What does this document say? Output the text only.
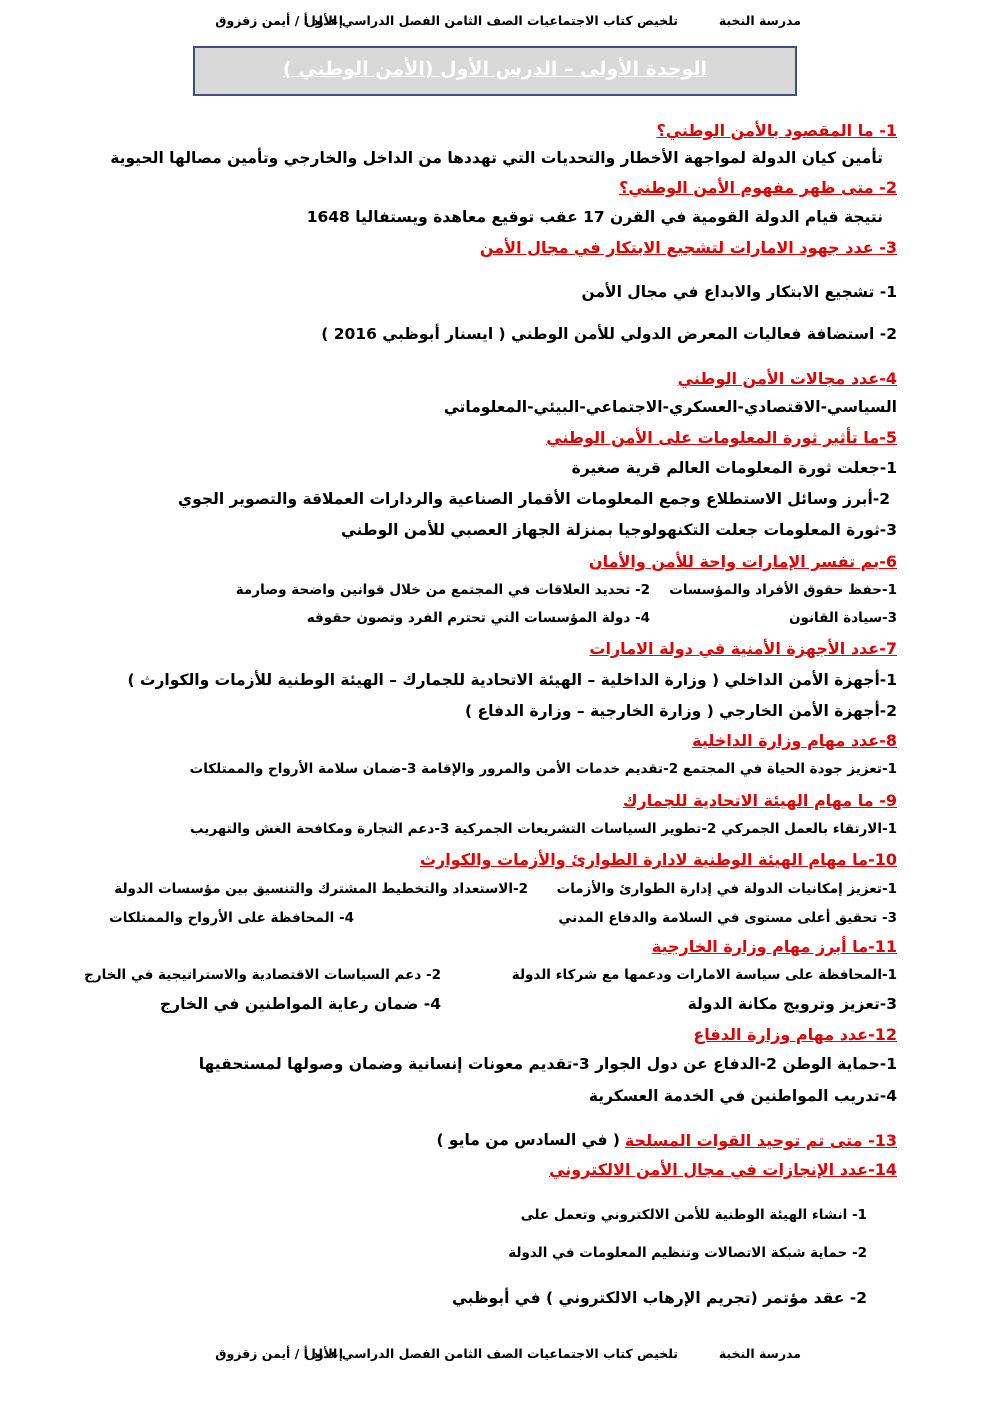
مدرسة النخبة
تلخيص كتاب الاجتماعيات الصف الثامن الفصل الدراسي الأول
إعداد أ / أيمن زقزوق
الوحدة الأولى – الدرس الأول (الأمن الوطني )
1- ما المقصود بالأمن الوطني؟
تأمين كيان الدولة لمواجهة الأخطار والتحديات التي تهددها من الداخل والخارجي وتأمين مصالها الحيوية
2- متى ظهر مفهوم الأمن الوطني؟
نتيجة قيام الدولة القومية في القرن 17 عقب توقيع معاهدة ويستفاليا 1648
3- عدد جهود الامارات لتشجيع الابتكار في مجال الأمن
1- تشجيع الابتكار والابداع في مجال الأمن
2- استضافة فعاليات المعرض الدولي للأمن الوطني ( ايسنار أبوظبي 2016 )
4-عدد مجالات الأمن الوطني
السياسي-الاقتصادي-العسكري-الاجتماعي-البيئي-المعلوماتي
5-ما تأثير ثورة المعلومات على الأمن الوطني
1-جعلت ثورة المعلومات العالم قرية صغيرة
2-أبرز وسائل الاستطلاع وجمع المعلومات الأقمار الصناعية والردارات العملاقة والتصوير الجوي
3-ثورة المعلومات جعلت التكنهولوجيا بمنزلة الجهاز العصبي للأمن الوطني
6-بم تفسر الإمارات واحة للأمن والأمان
1-حفظ حقوق الأفراد والمؤسسات
2- تحديد العلاقات في المجتمع من خلال قوانين واضحة وصارمة
3-سيادة القانون
4- دولة المؤسسات التي تحترم الفرد وتصون حقوقه
7-عدد الأجهزة الأمنية في دولة الامارات
1-أجهزة الأمن الداخلي ( وزارة الداخلية – الهيئة الاتحادية للجمارك – الهيئة الوطنية للأزمات والكوارث )
2-أجهزة الأمن الخارجي ( وزارة الخارجية – وزارة الدفاع )
8-عدد مهام وزارة الداخلية
1-تعزيز جودة الحياة في المجتمع 2-تقديم خدمات الأمن والمرور والإقامة 3-ضمان سلامة الأرواح والممتلكات
9- ما مهام الهيئة الاتحادية للجمارك
1-الارتقاء بالعمل الجمركي 2-تطوير السياسات التشريعات الجمركية 3-دعم التجارة ومكافحة الغش والتهريب
10-ما مهام الهيئة الوطنية لادارة الطوارئ والأزمات والكوارث
1-تعزيز إمكانيات الدولة في إدارة الطوارئ والأزمات
2-الاستعداد والتخطيط المشترك والتنسيق بين مؤسسات الدولة
3- تحقيق أعلى مستوى في السلامة والدفاع المدني
4- المحافظة على الأرواح والممتلكات
11-ما أبرز مهام وزارة الخارجية
1-المحافظة على سياسة الامارات ودعمها مع شركاء الدولة
2- دعم السياسات الاقتصادية والاستراتيجية في الخارج
3-تعزيز وترويج مكانة الدولة
4- ضمان رعاية المواطنين في الخارج
12-عدد مهام وزارة الدفاع
1-حماية الوطن 2-الدفاع عن دول الجوار 3-تقديم معونات إنسانية وضمان وصولها لمستحقيها
4-تدريب المواطنين في الخدمة العسكرية
13- متى تم توحيد القوات المسلحة
( في السادس من مايو )
14-عدد الإنجازات في مجال الأمن الالكتروني
1- انشاء الهيئة الوطنية للأمن الالكتروني وتعمل على
2- حماية شبكة الاتصالات وتنظيم المعلومات في الدولة
2- عقد مؤتمر (تجريم الإرهاب الالكتروني ) في أبوظبي
مدرسة النخبة
تلخيص كتاب الاجتماعيات الصف الثامن الفصل الدراسي الأول
إعداد أ / أيمن زقزوق
